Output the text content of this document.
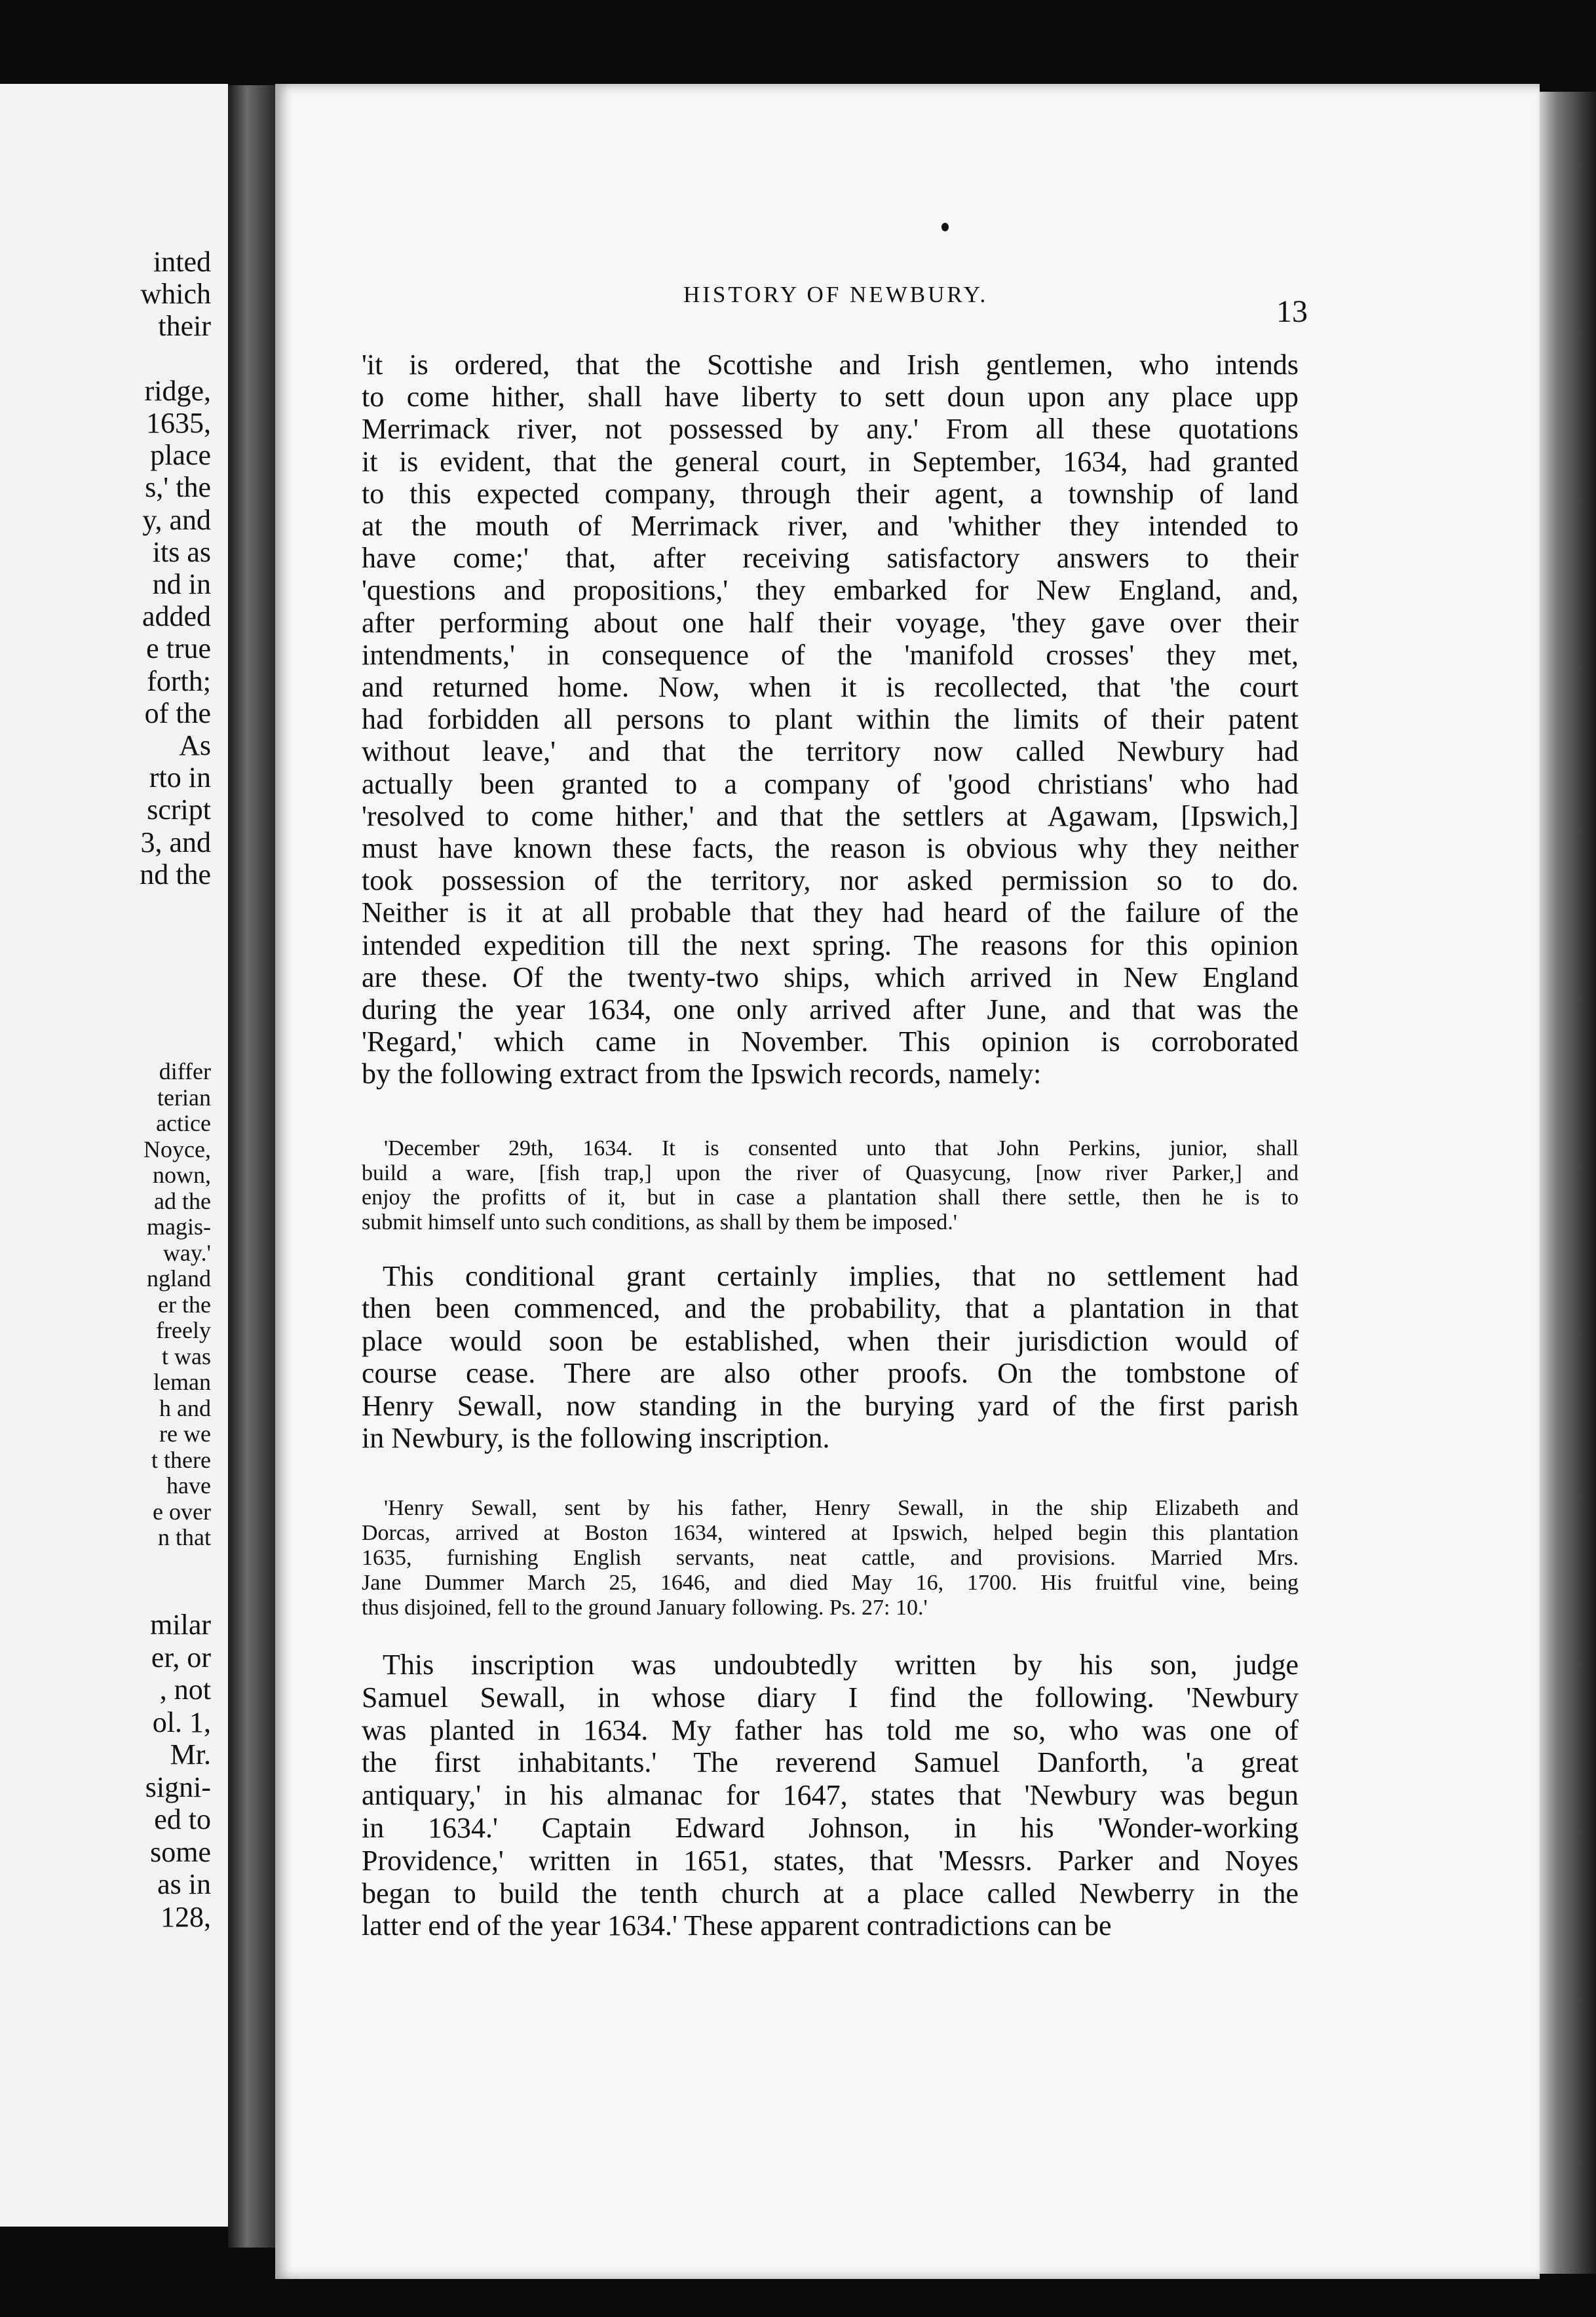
inted
which
their
ridge,
1635,
place
s,' the
y, and
its as
nd in
added
e true
forth;
of the
As
rto in
script
3, and
nd the
differ
terian
actice
Noyce,
nown,
ad the
magis-
way.'
ngland
er the
freely
t was
leman
h and
re we
t there
have
e over
n that
milar
er, or
, not
ol. 1,
Mr.
signi-
ed to
some
as in
128,
HISTORY OF NEWBURY.	13
'it is ordered, that the Scottishe and Irish gentlemen, who intends
to come hither, shall have liberty to sett doun upon any place upp
Merrimack river, not possessed by any.' From all these quotations
it is evident, that the general court, in September, 1634, had granted
to this expected company, through their agent, a township of land
at the mouth of Merrimack river, and 'whither they intended to
have come;' that, after receiving satisfactory answers to their
'questions and propositions,' they embarked for New England, and,
after performing about one half their voyage, 'they gave over their
intendments,' in consequence of the 'manifold crosses' they met,
and returned home. Now, when it is recollected, that 'the court
had forbidden all persons to plant within the limits of their patent
without leave,' and that the territory now called Newbury had
actually been granted to a company of 'good christians' who had
'resolved to come hither,' and that the settlers at Agawam, [Ipswich,]
must have known these facts, the reason is obvious why they neither
took possession of the territory, nor asked permission so to do.
Neither is it at all probable that they had heard of the failure of the
intended expedition till the next spring. The reasons for this opinion
are these. Of the twenty-two ships, which arrived in New England
during the year 1634, one only arrived after June, and that was the
'Regard,' which came in November. This opinion is corroborated
by the following extract from the Ipswich records, namely:
'December 29th, 1634. It is consented unto that John Perkins, junior, shall
build a ware, [fish trap,] upon the river of Quasycung, [now river Parker,] and
enjoy the profitts of it, but in case a plantation shall there settle, then he is to
submit himself unto such conditions, as shall by them be imposed.'
This conditional grant certainly implies, that no settlement had
then been commenced, and the probability, that a plantation in that
place would soon be established, when their jurisdiction would of
course cease. There are also other proofs. On the tombstone of
Henry Sewall, now standing in the burying yard of the first parish
in Newbury, is the following inscription.
'Henry Sewall, sent by his father, Henry Sewall, in the ship Elizabeth and
Dorcas, arrived at Boston 1634, wintered at Ipswich, helped begin this plantation
1635, furnishing English servants, neat cattle, and provisions. Married Mrs.
Jane Dummer March 25, 1646, and died May 16, 1700. His fruitful vine, being
thus disjoined, fell to the ground January following. Ps. 27: 10.'
This inscription was undoubtedly written by his son, judge
Samuel Sewall, in whose diary I find the following. 'Newbury
was planted in 1634. My father has told me so, who was one of
the first inhabitants.' The reverend Samuel Danforth, 'a great
antiquary,' in his almanac for 1647, states that 'Newbury was begun
in 1634.' Captain Edward Johnson, in his 'Wonder-working
Providence,' written in 1651, states, that 'Messrs. Parker and Noyes
began to build the tenth church at a place called Newberry in the
latter end of the year 1634.' These apparent contradictions can be
